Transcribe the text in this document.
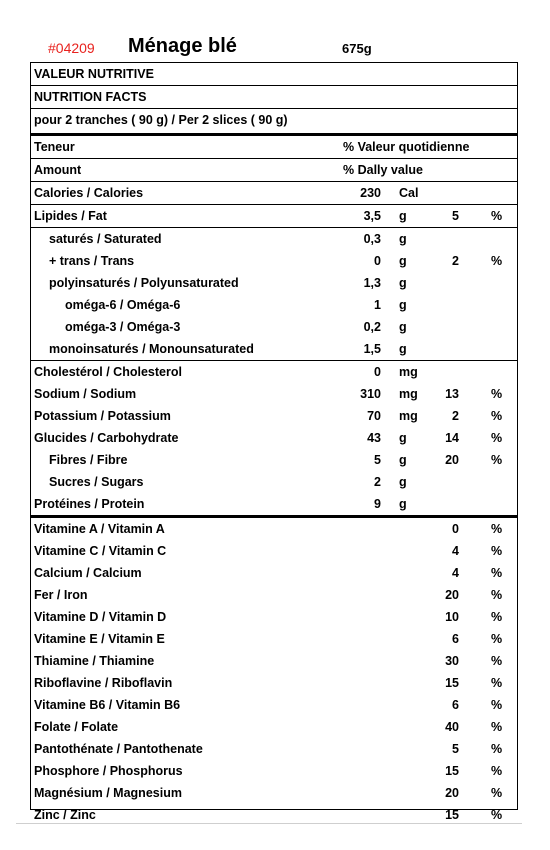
#04209 Ménage blé	675g
VALEUR NUTRITIVE
NUTRITION FACTS
pour 2 tranches ( 90 g) / Per 2 slices ( 90 g)
Teneur	% Valeur quotidienne
Amount	% Dally value
Calories / Calories	230 Cal
Lipides / Fat	3,5 g	5	%
saturés / Saturated	0,3 g
+ trans / Trans	0 g	2	%
polyinsaturés / Polyunsaturated	1,3 g
oméga-6 / Oméga-6	1 g
oméga-3 / Oméga-3	0,2 g
monoinsaturés / Monounsaturated	1,5 g
Cholestérol / Cholesterol	0 mg
Sodium / Sodium	310 mg 13	%
Potassium / Potassium	70 mg	2	%
Glucides / Carbohydrate	43 g	14	%
Fibres / Fibre	5 g	20	%
Sucres / Sugars	2 g
Protéines / Protein	9 g
Vitamine A / Vitamin A	0	%
Vitamine C / Vitamin C	4	%
Calcium / Calcium	4	%
Fer / Iron	20	%
Vitamine D / Vitamin D	10	%
Vitamine E / Vitamin E	6	%
Thiamine / Thiamine	30	%
Riboflavine / Riboflavin	15	%
Vitamine B6 / Vitamin B6	6	%
Folate / Folate	40	%
Pantothénate / Pantothenate	5	%
Phosphore / Phosphorus	15	%
Magnésium / Magnesium	20	%
Zinc / Zinc	15	%
